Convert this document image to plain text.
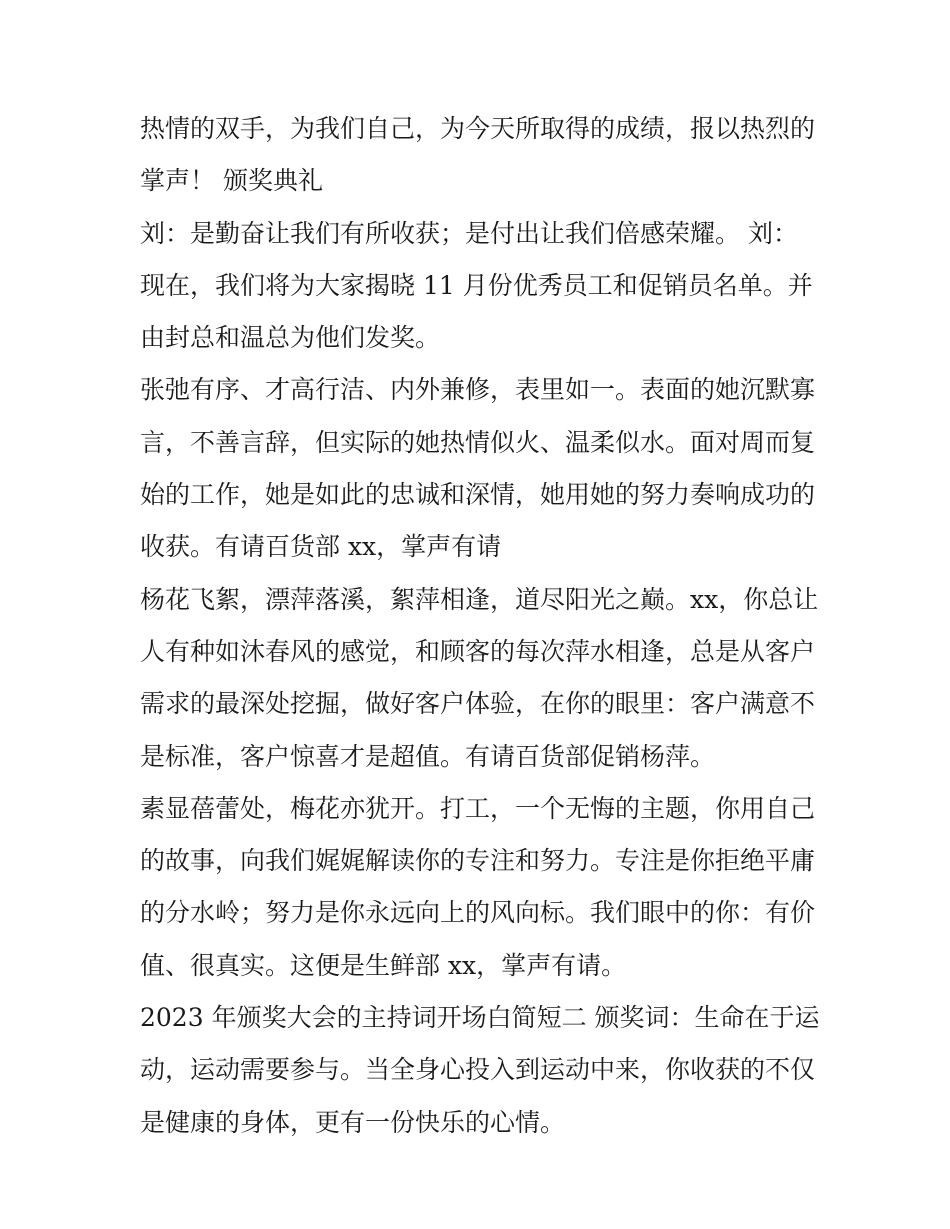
热情的双手，为我们自己，为今天所取得的成绩，报以热烈的
掌声！ 颁奖典礼
刘：是勤奋让我们有所收获；是付出让我们倍感荣耀。 刘：
现在，我们将为大家揭晓 11 月份优秀员工和促销员名单。并
由封总和温总为他们发奖。
张弛有序、才高行洁、内外兼修，表里如一。表面的她沉默寡
言，不善言辞，但实际的她热情似火、温柔似水。面对周而复
始的工作，她是如此的忠诚和深情，她用她的努力奏响成功的
收获。有请百货部 xx，掌声有请
杨花飞絮，漂萍落溪，絮萍相逢，道尽阳光之巅。xx，你总让
人有种如沐春风的感觉，和顾客的每次萍水相逢，总是从客户
需求的最深处挖掘，做好客户体验，在你的眼里：客户满意不
是标准，客户惊喜才是超值。有请百货部促销杨萍。
素显蓓蕾处，梅花亦犹开。打工，一个无悔的主题，你用自己
的故事，向我们娓娓解读你的专注和努力。专注是你拒绝平庸
的分水岭；努力是你永远向上的风向标。我们眼中的你：有价
值、很真实。这便是生鲜部 xx，掌声有请。
2023 年颁奖大会的主持词开场白简短二 颁奖词：生命在于运
动，运动需要参与。当全身心投入到运动中来，你收获的不仅
是健康的身体，更有一份快乐的心情。
